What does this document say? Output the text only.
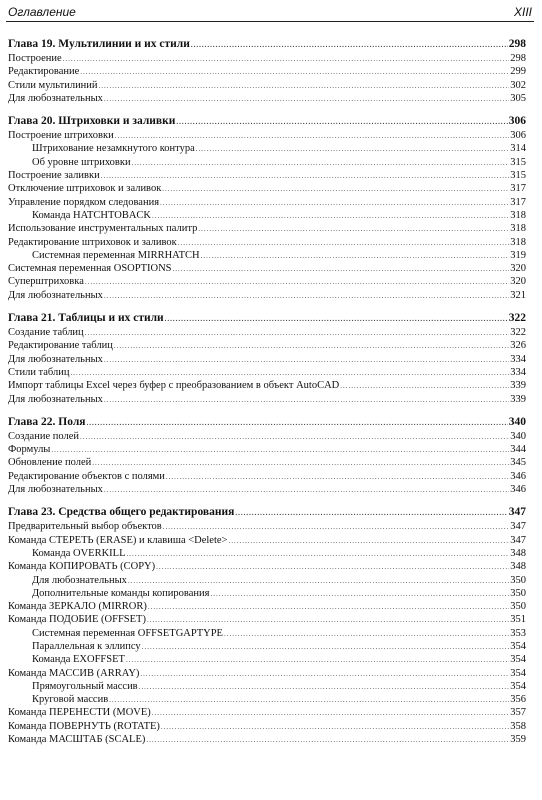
Оглавление	XIII
Глава 19. Мультилинии и их стили .....	298
Построение .....	298
Редактирование .....	299
Стили мультилиний .....	302
Для любознательных .....	305
Глава 20. Штриховки и заливки .....	306
Построение штриховки .....	306
Штрихование незамкнутого контура .....	314
Об уровне штриховки .....	315
Построение заливки .....	315
Отключение штриховок и заливок .....	317
Управление порядком следования .....	317
Команда HATCHTOBACK .....	318
Использование инструментальных палитр .....	318
Редактирование штриховок и заливок .....	318
Системная переменная MIRRHATCH .....	319
Системная переменная OSOPTIONS .....	320
Суперштриховка .....	320
Для любознательных .....	321
Глава 21. Таблицы и их стили .....	322
Создание таблиц .....	322
Редактирование таблиц .....	326
Для любознательных .....	334
Стили таблиц .....	334
Импорт таблицы Excel через буфер с преобразованием в объект AutoCAD .....	339
Для любознательных .....	339
Глава 22. Поля .....	340
Создание полей .....	340
Формулы .....	344
Обновление полей .....	345
Редактирование объектов с полями .....	346
Для любознательных .....	346
Глава 23. Средства общего редактирования .....	347
Предварительный выбор объектов .....	347
Команда СТЕРЕТЬ (ERASE) и клавиша <Delete> .....	347
Команда OVERKILL .....	348
Команда КОПИРОВАТЬ (COPY) .....	348
Для любознательных .....	350
Дополнительные команды копирования .....	350
Команда ЗЕРКАЛО (MIRROR) .....	350
Команда ПОДОБИЕ (OFFSET) .....	351
Системная переменная OFFSETGAPTYPE .....	353
Параллельная к эллипсу .....	354
Команда EXOFFSET .....	354
Команда МАССИВ (ARRAY) .....	354
Прямоугольный массив .....	354
Круговой массив .....	356
Команда ПЕРЕНЕСТИ (MOVE) .....	357
Команда ПОВЕРНУТЬ (ROTATE) .....	358
Команда МАСШТАБ (SCALE) .....	359
